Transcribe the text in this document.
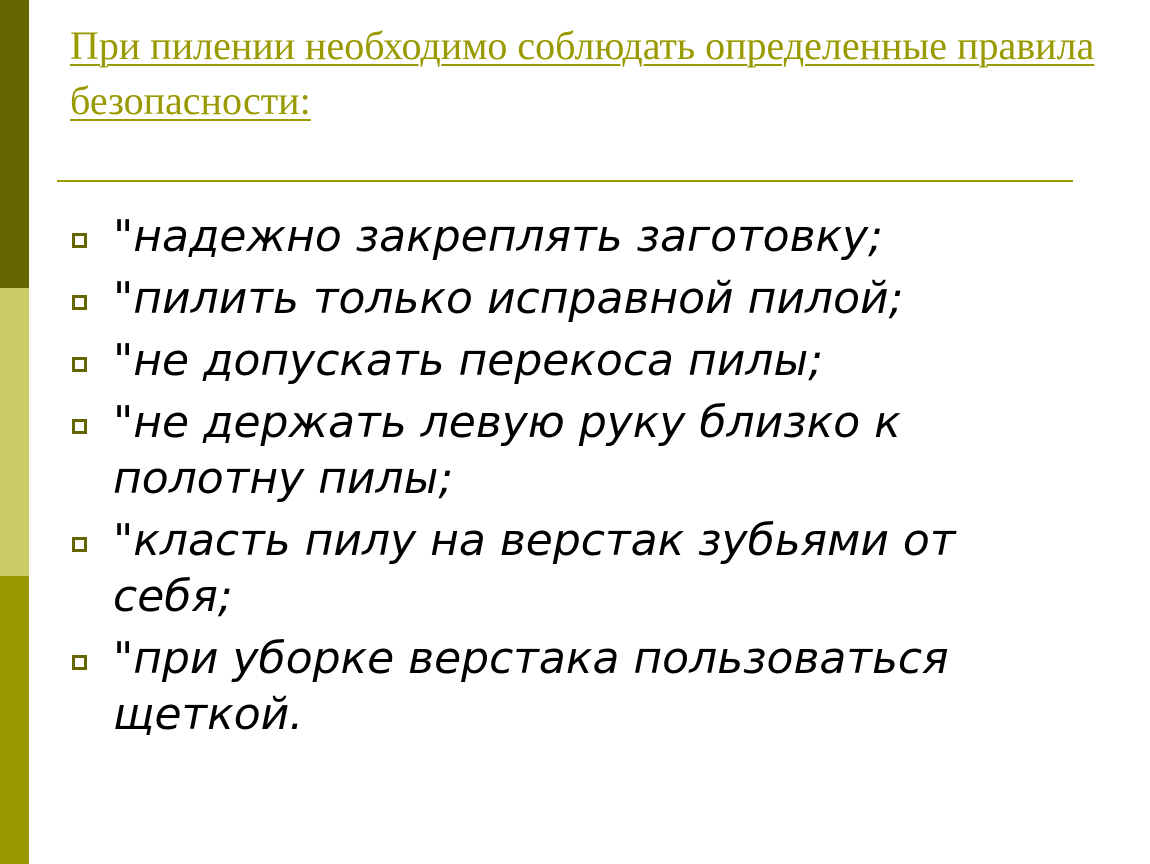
При пилении необходимо соблюдать определенные правила безопасности:
"надежно закреплять заготовку;
"пилить только исправной пилой;
"не допускать перекоса пилы;
"не держать левую руку близко к полотну пилы;
"класть пилу на верстак зубьями от себя;
"при уборке верстака пользоваться щеткой.
